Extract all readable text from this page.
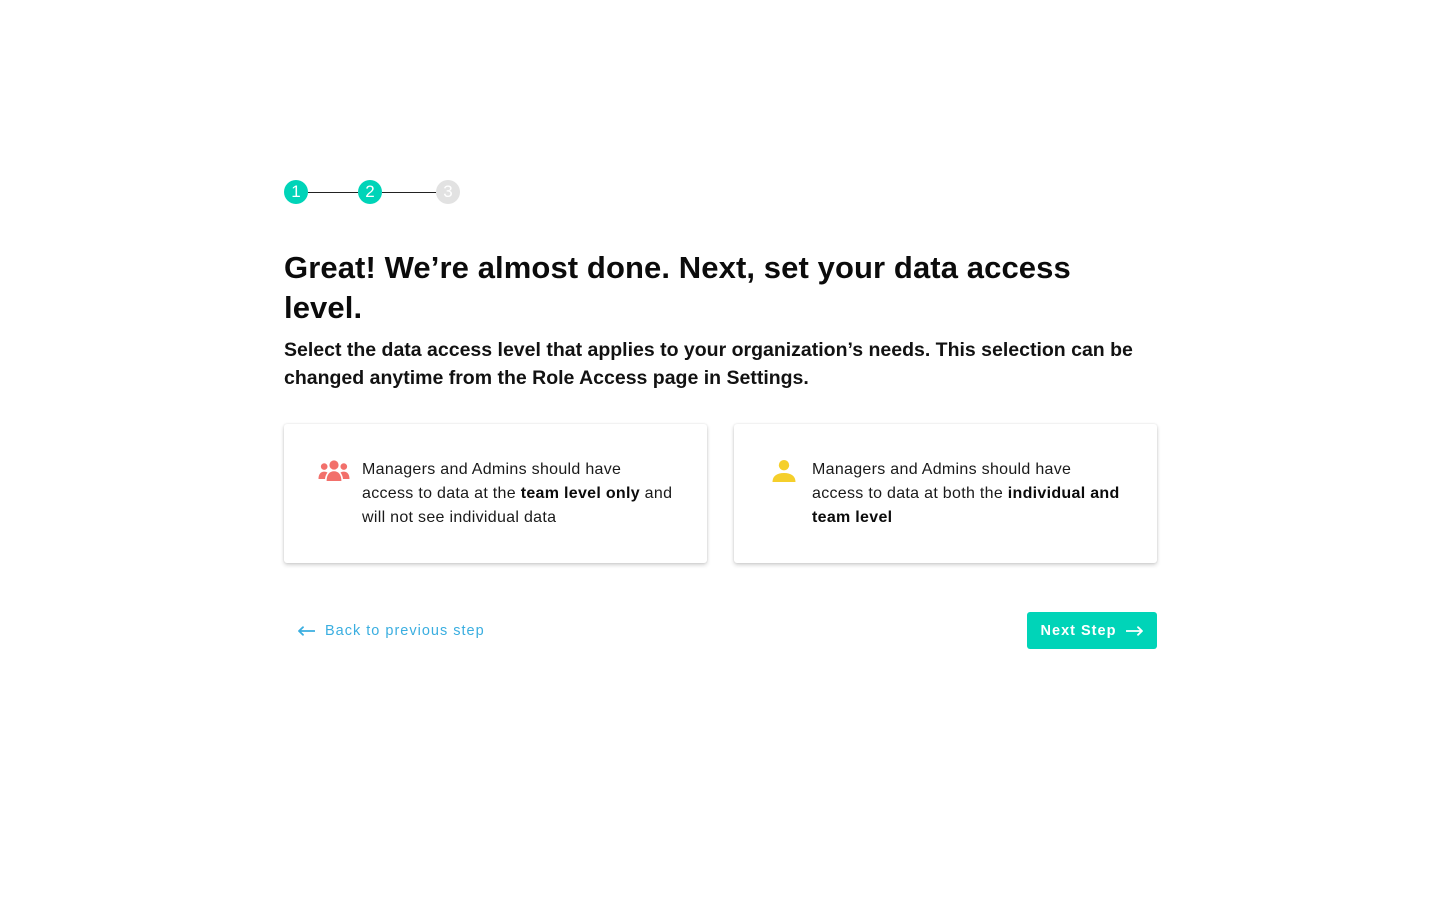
1	2	3
Great! We’re almost done. Next, set your data access level.

Select the data access level that applies to your organization’s needs. This selection can be changed anytime from the Role Access page in Settings.

Managers and Admins should have access to data at the team level only and will not see individual data
Managers and Admins should have access to data at both the individual and team level
Back to previous step	Next Step
